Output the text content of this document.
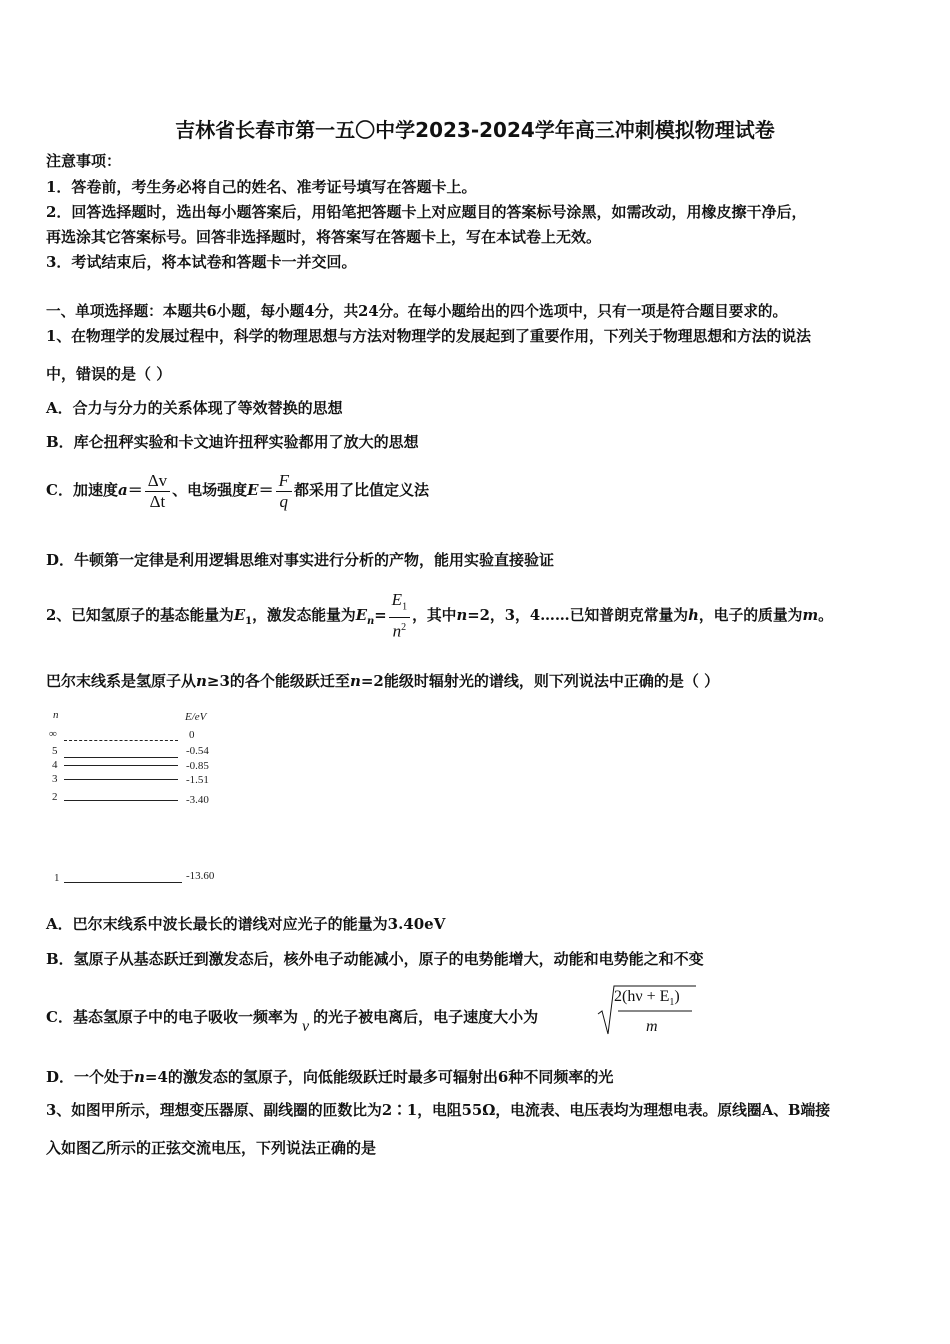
吉林省长春市第一五〇中学2023-2024学年高三冲刺模拟物理试卷
注意事项：
1．答卷前，考生务必将自己的姓名、准考证号填写在答题卡上。
2．回答选择题时，选出每小题答案后，用铅笔把答题卡上对应题目的答案标号涂黑，如需改动，用橡皮擦干净后，
再选涂其它答案标号。回答非选择题时，将答案写在答题卡上，写在本试卷上无效。
3．考试结束后，将本试卷和答题卡一并交回。
一、单项选择题：本题共6小题，每小题4分，共24分。在每小题给出的四个选项中，只有一项是符合题目要求的。
1、在物理学的发展过程中，科学的物理思想与方法对物理学的发展起到了重要作用，下列关于物理思想和方法的说法
中，错误的是（ ）
A．合力与分力的关系体现了等效替换的思想
B．库仑扭秤实验和卡文迪许扭秤实验都用了放大的思想
C．加速度$a= \frac{\Delta v}{\Delta t}$ 、电场强度$E= \frac{F}{q}$ 都采用了比值定义法
D．牛顿第一定律是利用逻辑思维对事实进行分析的产物，能用实验直接验证
2、已知氢原子的基态能量为$E_1$，激发态能量为$E_n= \frac{E_1}{n^2}$ ，其中n=2，3，4……已知普朗克常量为h，电子的质量为m。
巴尔末线系是氢原子从n≥3的各个能级跃迁至n=2能级时辐射光的谱线，则下列说法中正确的是（ ）
n	E/eV
∞	0
5	-0.54
4	-0.85
3	-1.51
2	-3.40
1	-13.60
A．巴尔末线系中波长最长的谱线对应光子的能量为3.40eV
B．氢原子从基态跃迁到激发态后，核外电子动能减小，原子的电势能增大，动能和电势能之和不变
C．基态氢原子中的电子吸收一频率为ν的光子被电离后，电子速度大小为
$2(h\nu + E_1)$
m
D．一个处于n=4的激发态的氢原子，向低能级跃迁时最多可辐射出6种不同频率的光
3、如图甲所示，理想变压器原、副线圈的匝数比为2∶1，电阻55Ω，电流表、电压表均为理想电表。原线圈A、B端接
入如图乙所示的正弦交流电压，下列说法正确的是
